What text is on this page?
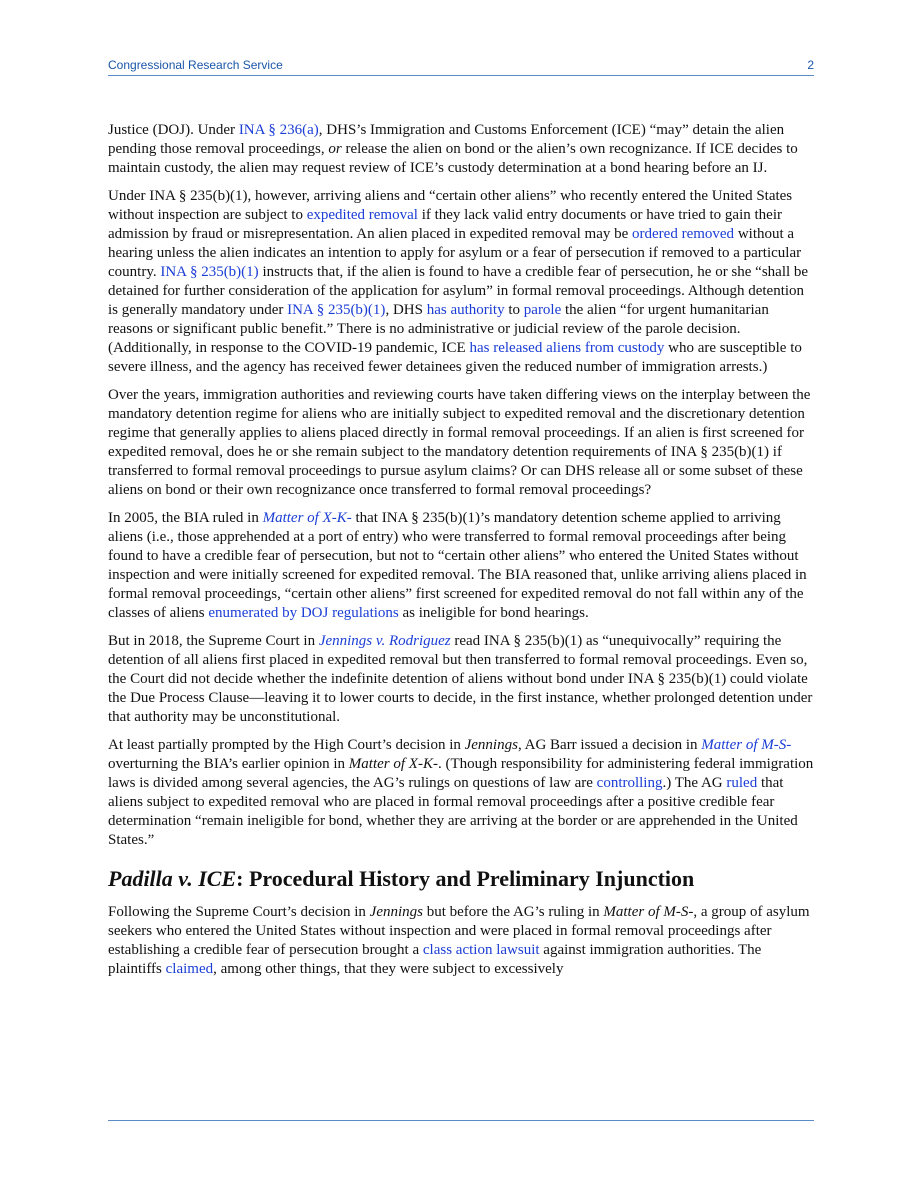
Congressional Research Service	2

Justice (DOJ). Under INA § 236(a), DHS’s Immigration and Customs Enforcement (ICE) “may” detain the alien pending those removal proceedings, or release the alien on bond or the alien’s own recognizance. If ICE decides to maintain custody, the alien may request review of ICE’s custody determination at a bond hearing before an IJ.

Under INA § 235(b)(1), however, arriving aliens and “certain other aliens” who recently entered the United States without inspection are subject to expedited removal if they lack valid entry documents or have tried to gain their admission by fraud or misrepresentation. An alien placed in expedited removal may be ordered removed without a hearing unless the alien indicates an intention to apply for asylum or a fear of persecution if removed to a particular country. INA § 235(b)(1) instructs that, if the alien is found to have a credible fear of persecution, he or she “shall be detained for further consideration of the application for asylum” in formal removal proceedings. Although detention is generally mandatory under INA § 235(b)(1), DHS has authority to parole the alien “for urgent humanitarian reasons or significant public benefit.” There is no administrative or judicial review of the parole decision. (Additionally, in response to the COVID-19 pandemic, ICE has released aliens from custody who are susceptible to severe illness, and the agency has received fewer detainees given the reduced number of immigration arrests.)

Over the years, immigration authorities and reviewing courts have taken differing views on the interplay between the mandatory detention regime for aliens who are initially subject to expedited removal and the discretionary detention regime that generally applies to aliens placed directly in formal removal proceedings. If an alien is first screened for expedited removal, does he or she remain subject to the mandatory detention requirements of INA § 235(b)(1) if transferred to formal removal proceedings to pursue asylum claims? Or can DHS release all or some subset of these aliens on bond or their own recognizance once transferred to formal removal proceedings?

In 2005, the BIA ruled in Matter of X-K- that INA § 235(b)(1)’s mandatory detention scheme applied to arriving aliens (i.e., those apprehended at a port of entry) who were transferred to formal removal proceedings after being found to have a credible fear of persecution, but not to “certain other aliens” who entered the United States without inspection and were initially screened for expedited removal. The BIA reasoned that, unlike arriving aliens placed in formal removal proceedings, “certain other aliens” first screened for expedited removal do not fall within any of the classes of aliens enumerated by DOJ regulations as ineligible for bond hearings.

But in 2018, the Supreme Court in Jennings v. Rodriguez read INA § 235(b)(1) as “unequivocally” requiring the detention of all aliens first placed in expedited removal but then transferred to formal removal proceedings. Even so, the Court did not decide whether the indefinite detention of aliens without bond under INA § 235(b)(1) could violate the Due Process Clause—leaving it to lower courts to decide, in the first instance, whether prolonged detention under that authority may be unconstitutional.

At least partially prompted by the High Court’s decision in Jennings, AG Barr issued a decision in Matter of M-S- overturning the BIA’s earlier opinion in Matter of X-K-. (Though responsibility for administering federal immigration laws is divided among several agencies, the AG’s rulings on questions of law are controlling.) The AG ruled that aliens subject to expedited removal who are placed in formal removal proceedings after a positive credible fear determination “remain ineligible for bond, whether they are arriving at the border or are apprehended in the United States.”

Padilla v. ICE: Procedural History and Preliminary Injunction

Following the Supreme Court’s decision in Jennings but before the AG’s ruling in Matter of M-S-, a group of asylum seekers who entered the United States without inspection and were placed in formal removal proceedings after establishing a credible fear of persecution brought a class action lawsuit against immigration authorities. The plaintiffs claimed, among other things, that they were subject to excessively
